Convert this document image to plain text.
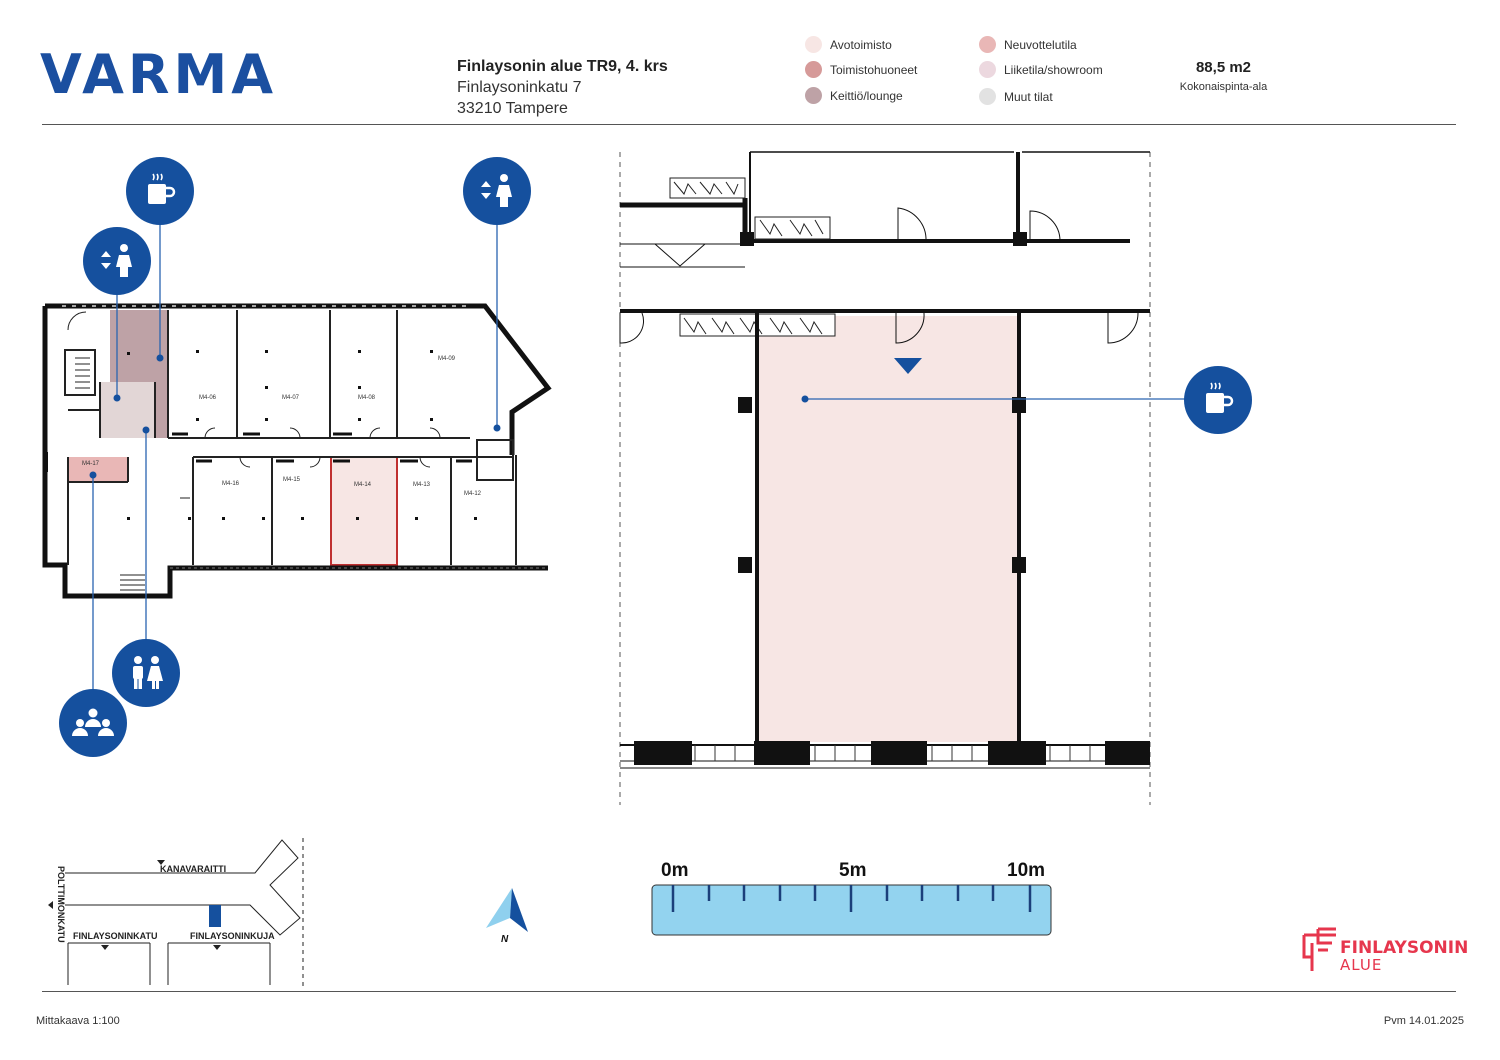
VARMA	Finlaysonin alue TR9, 4. krs
Finlaysoninkatu 7
33210 Tampere
Avotoimisto	Neuvottelutila
Toimistohuoneet	Liiketila/showroom
Keittiö/lounge	Muut tilat
88,5 m2
Kokonaispinta-ala
M4-06	M4-07	M4-08
M4-09
M4-17
M4-16
M4-15
M4-14	M4-13
M4-12
KANAVARAITTI
POLTTIMONKATU FINLAYSONINKATU	FINLAYSONINKUJA	N
0m	5m	10m
FINLAYSONIN
ALUE
Mittakaava 1:100	Pvm 14.01.2025
